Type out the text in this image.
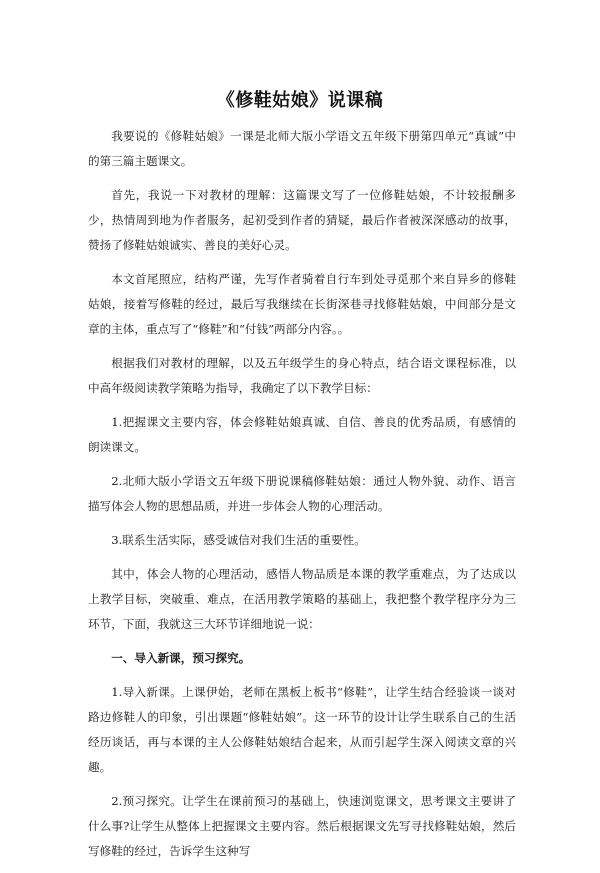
《修鞋姑娘》说课稿

我要说的《修鞋姑娘》一课是北师大版小学语文五年级下册第四单元“真诚”中的第三篇主题课文。

首先，我说一下对教材的理解：这篇课文写了一位修鞋姑娘，不计较报酬多少，热情周到地为作者服务，起初受到作者的猜疑，最后作者被深深感动的故事，赞扬了修鞋姑娘诚实、善良的美好心灵。

本文首尾照应，结构严谨，先写作者骑着自行车到处寻觅那个来自异乡的修鞋姑娘，接着写修鞋的经过，最后写我继续在长街深巷寻找修鞋姑娘，中间部分是文章的主体，重点写了“修鞋”和“付钱”两部分内容。。

根据我们对教材的理解，以及五年级学生的身心特点，结合语文课程标准，以中高年级阅读教学策略为指导，我确定了以下教学目标：

1.把握课文主要内容，体会修鞋姑娘真诚、自信、善良的优秀品质，有感情的朗读课文。

2.北师大版小学语文五年级下册说课稿修鞋姑娘：通过人物外貌、动作、语言描写体会人物的思想品质，并进一步体会人物的心理活动。

3.联系生活实际，感受诚信对我们生活的重要性。

其中，体会人物的心理活动，感悟人物品质是本课的教学重难点，为了达成以上教学目标，突破重、难点，在活用教学策略的基础上，我把整个教学程序分为三环节，下面，我就这三大环节详细地说一说：

一、导入新课，预习探究。

1.导入新课。上课伊始，老师在黑板上板书“修鞋”，让学生结合经验谈一谈对路边修鞋人的印象，引出课题“修鞋姑娘”。这一环节的设计让学生联系自己的生活经历谈话，再与本课的主人公修鞋姑娘结合起来，从而引起学生深入阅读文章的兴趣。

2.预习探究。让学生在课前预习的基础上，快速浏览课文，思考课文主要讲了什么事?让学生从整体上把握课文主要内容。然后根据课文先写寻找修鞋姑娘，然后写修鞋的经过，告诉学生这种写
